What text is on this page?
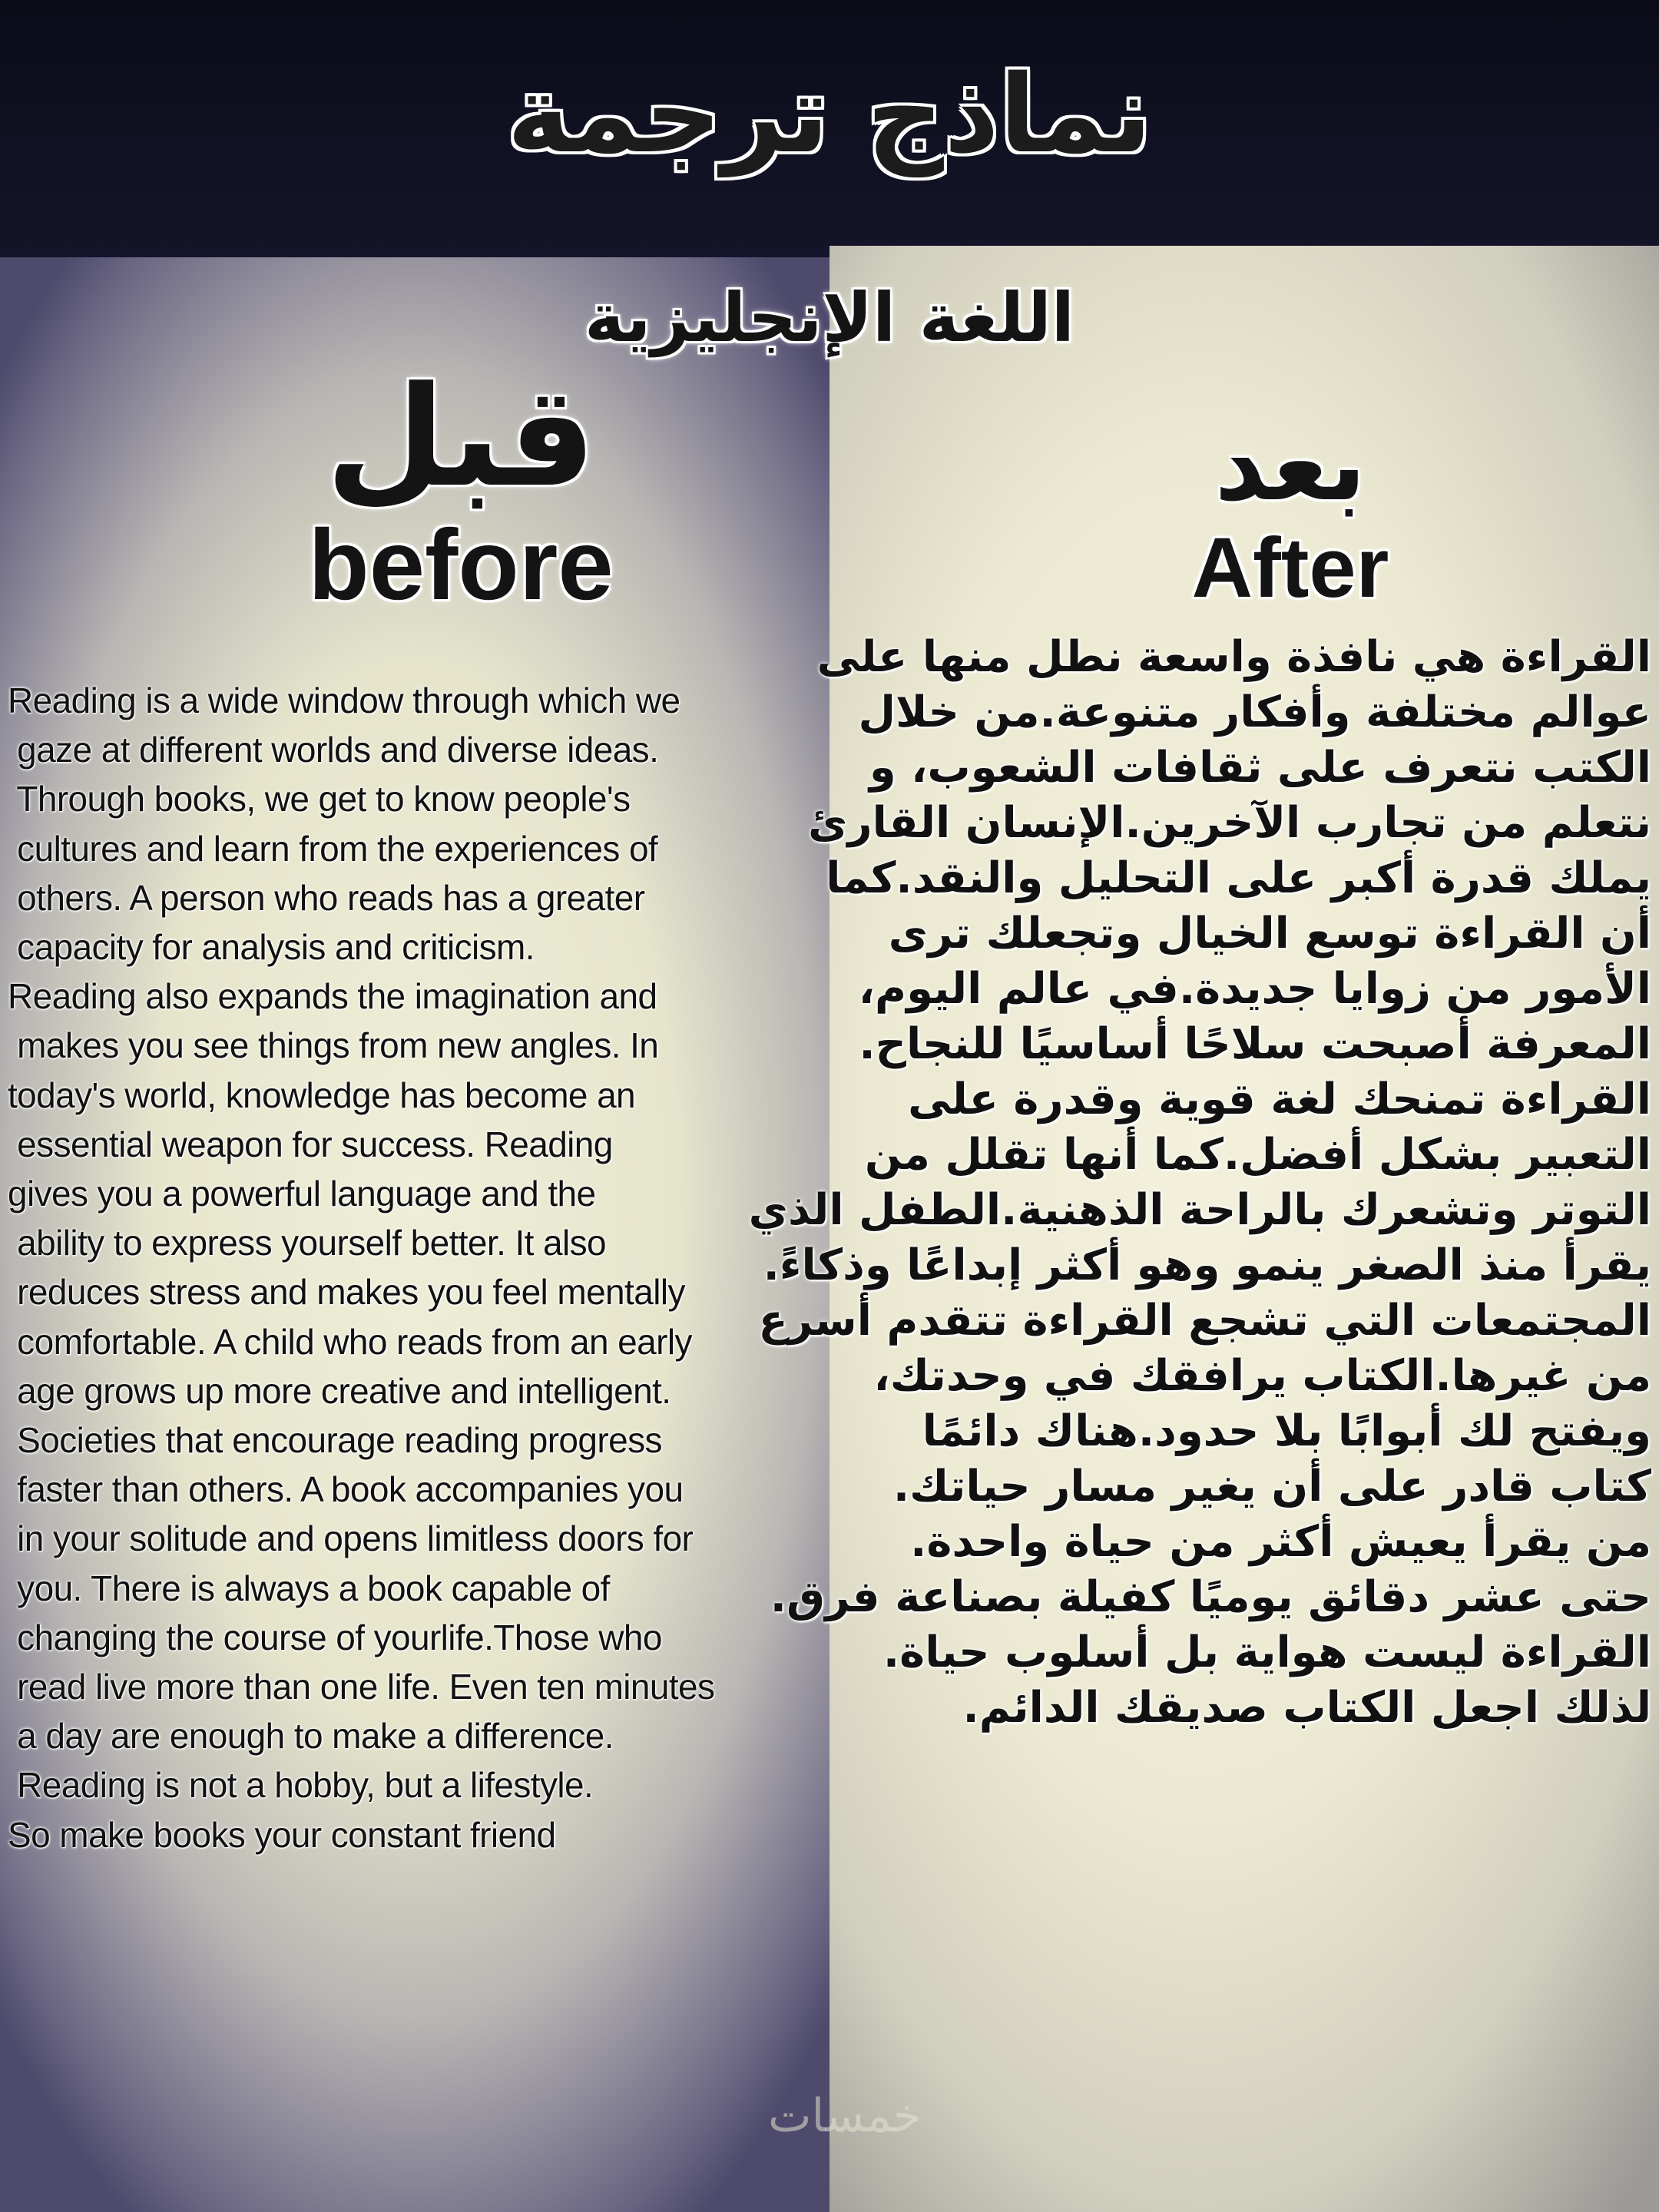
نماذج ترجمة
اللغة الإنجليزية
قبل
before
بعد
After
Reading is a wide window through which we
gaze at different worlds and diverse ideas.
Through books, we get to know people's
cultures and learn from the experiences of
others. A person who reads has a greater
capacity for analysis and criticism.
Reading also expands the imagination and
makes you see things from new angles. In
today's world, knowledge has become an
essential weapon for success. Reading
gives you a powerful language and the
ability to express yourself better. It also
reduces stress and makes you feel mentally
comfortable. A child who reads from an early
age grows up more creative and intelligent.
Societies that encourage reading progress
faster than others. A book accompanies you
in your solitude and opens limitless doors for
you. There is always a book capable of
changing the course of yourlife.Those who
read live more than one life. Even ten minutes
a day are enough to make a difference.
Reading is not a hobby, but a lifestyle.
So make books your constant friend
القراءة هي نافذة واسعة نطل منها على
عوالم مختلفة وأفكار متنوعة.من خلال
الكتب نتعرف على ثقافات الشعوب، و
نتعلم من تجارب الآخرين.الإنسان القارئ
يملك قدرة أكبر على التحليل والنقد.كما
أن القراءة توسع الخيال وتجعلك ترى
الأمور من زوايا جديدة.في عالم اليوم،
المعرفة أصبحت سلاحًا أساسيًا للنجاح.
القراءة تمنحك لغة قوية وقدرة على
التعبير بشكل أفضل.كما أنها تقلل من
التوتر وتشعرك بالراحة الذهنية.الطفل الذي
يقرأ منذ الصغر ينمو وهو أكثر إبداعًا وذكاءً.
المجتمعات التي تشجع القراءة تتقدم أسرع
من غيرها.الكتاب يرافقك في وحدتك،
ويفتح لك أبوابًا بلا حدود.هناك دائمًا
كتاب قادر على أن يغير مسار حياتك.
من يقرأ يعيش أكثر من حياة واحدة.
حتى عشر دقائق يوميًا كفيلة بصناعة فرق.
القراءة ليست هواية بل أسلوب حياة.
لذلك اجعل الكتاب صديقك الدائم.
خمسات
